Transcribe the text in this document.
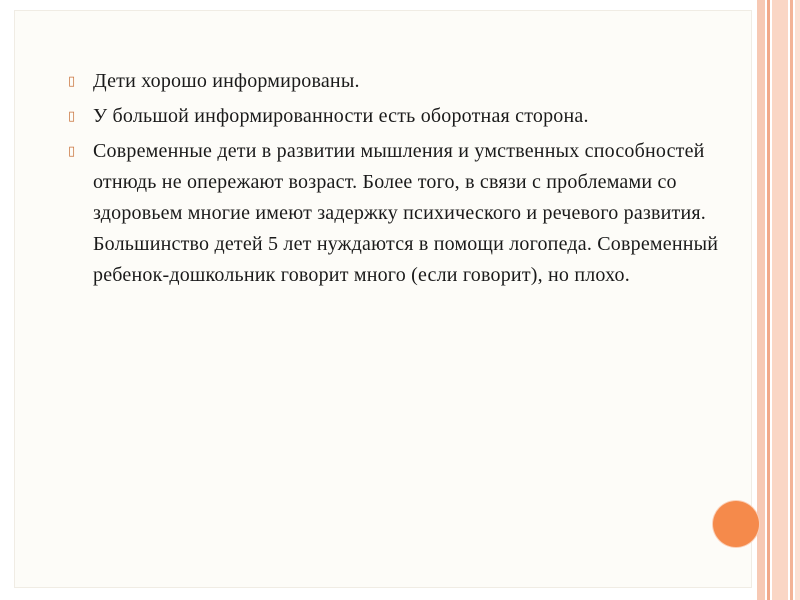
▯ Дети хорошо информированы.
▯ У большой информированности есть оборотная сторона.
▯ Современные дети в развитии мышления и умственных способностей отнюдь не опережают возраст. Более того, в связи с проблемами со здоровьем многие имеют задержку психического и речевого развития. Большинство детей 5 лет нуждаются в помощи логопеда. Современный ребенок-дошкольник говорит много (если говорит), но плохо.
